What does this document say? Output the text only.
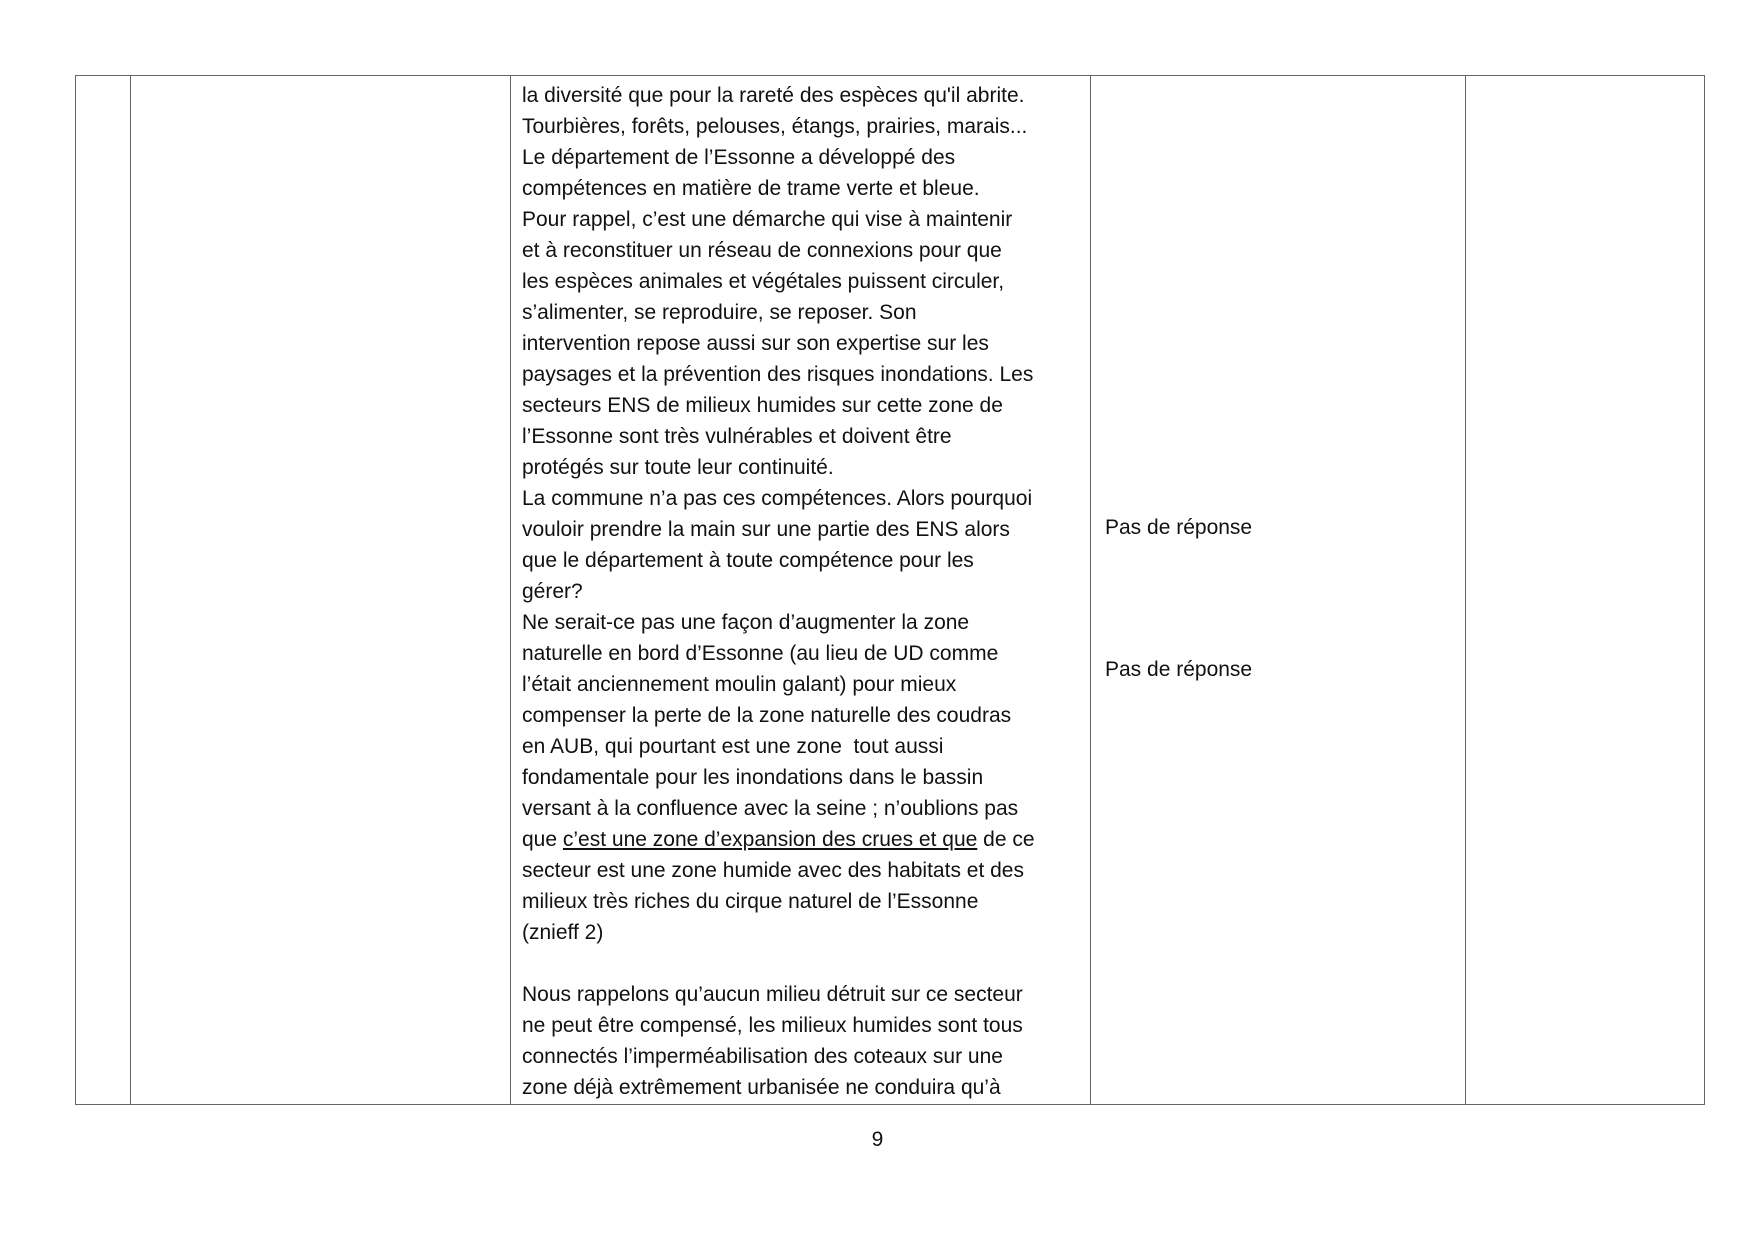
la diversité que pour la rareté des espèces qu'il abrite.
Tourbières, forêts, pelouses, étangs, prairies, marais...
Le département de l’Essonne a développé des
compétences en matière de trame verte et bleue.
Pour rappel, c’est une démarche qui vise à maintenir
et à reconstituer un réseau de connexions pour que
les espèces animales et végétales puissent circuler,
s’alimenter, se reproduire, se reposer. Son
intervention repose aussi sur son expertise sur les
paysages et la prévention des risques inondations. Les
secteurs ENS de milieux humides sur cette zone de
l’Essonne sont très vulnérables et doivent être
protégés sur toute leur continuité.
La commune n’a pas ces compétences. Alors pourquoi
vouloir prendre la main sur une partie des ENS alors
que le département à toute compétence pour les
gérer?
Ne serait-ce pas une façon d’augmenter la zone
naturelle en bord d’Essonne (au lieu de UD comme
l’était anciennement moulin galant) pour mieux
compenser la perte de la zone naturelle des coudras
en AUB, qui pourtant est une zone  tout aussi
fondamentale pour les inondations dans le bassin
versant à la confluence avec la seine ; n’oublions pas
que c’est une zone d’expansion des crues et que de ce
secteur est une zone humide avec des habitats et des
milieux très riches du cirque naturel de l’Essonne
(znieff 2)
Nous rappelons qu’aucun milieu détruit sur ce secteur
ne peut être compensé, les milieux humides sont tous
connectés l’imperméabilisation des coteaux sur une
zone déjà extrêmement urbanisée ne conduira qu’à
Pas de réponse
Pas de réponse
9
